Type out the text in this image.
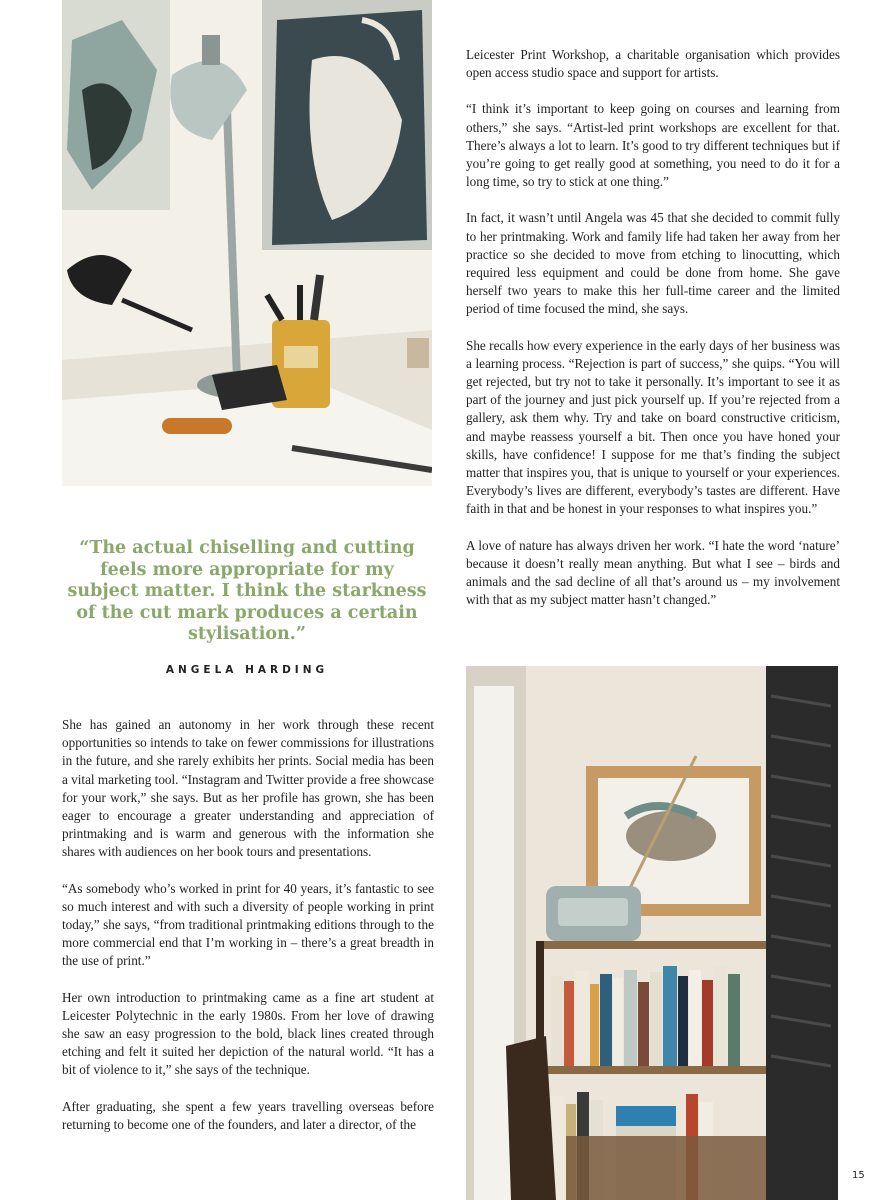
Leicester Print Workshop, a charitable organisation which provides open access studio space and support for artists.

“I think it’s important to keep going on courses and learning from others,” she says. “Artist-led print workshops are excellent for that. There’s always a lot to learn. It’s good to try different techniques but if you’re going to get really good at something, you need to do it for a long time, so try to stick at one thing.”

In fact, it wasn’t until Angela was 45 that she decided to commit fully to her printmaking. Work and family life had taken her away from her practice so she decided to move from etching to linocutting, which required less equipment and could be done from home. She gave herself two years to make this her full-time career and the limited period of time focused the mind, she says.

She recalls how every experience in the early days of her business was a learning process. “Rejection is part of success,” she quips. “You will get rejected, but try not to take it personally. It’s important to see it as part of the journey and just pick yourself up. If you’re rejected from a gallery, ask them why. Try and take on board constructive criticism, and maybe reassess yourself a bit. Then once you have honed your skills, have confidence! I suppose for me that’s finding the subject matter that inspires you, that is unique to yourself or your experiences. Everybody’s lives are different, everybody’s tastes are different. Have faith in that and be honest in your responses to what inspires you.”

A love of nature has always driven her work. “I hate the word ‘nature’ because it doesn’t really mean anything. But what I see – birds and animals and the sad decline of all that’s around us – my involvement with that as my subject matter hasn’t changed.”

“The actual chiselling and cutting feels more appropriate for my subject matter. I think the starkness of the cut mark produces a certain stylisation.”
ANGELA HARDING

She has gained an autonomy in her work through these recent opportunities so intends to take on fewer commissions for illustrations in the future, and she rarely exhibits her prints. Social media has been a vital marketing tool. “Instagram and Twitter provide a free showcase for your work,” she says. But as her profile has grown, she has been eager to encourage a greater understanding and appreciation of printmaking and is warm and generous with the information she shares with audiences on her book tours and presentations.

“As somebody who’s worked in print for 40 years, it’s fantastic to see so much interest and with such a diversity of people working in print today,” she says, “from traditional printmaking editions through to the more commercial end that I’m working in – there’s a great breadth in the use of print.”

Her own introduction to printmaking came as a fine art student at Leicester Polytechnic in the early 1980s. From her love of drawing she saw an easy progression to the bold, black lines created through etching and felt it suited her depiction of the natural world. “It has a bit of violence to it,” she says of the technique.

After graduating, she spent a few years travelling overseas before returning to become one of the founders, and later a director, of the

15
